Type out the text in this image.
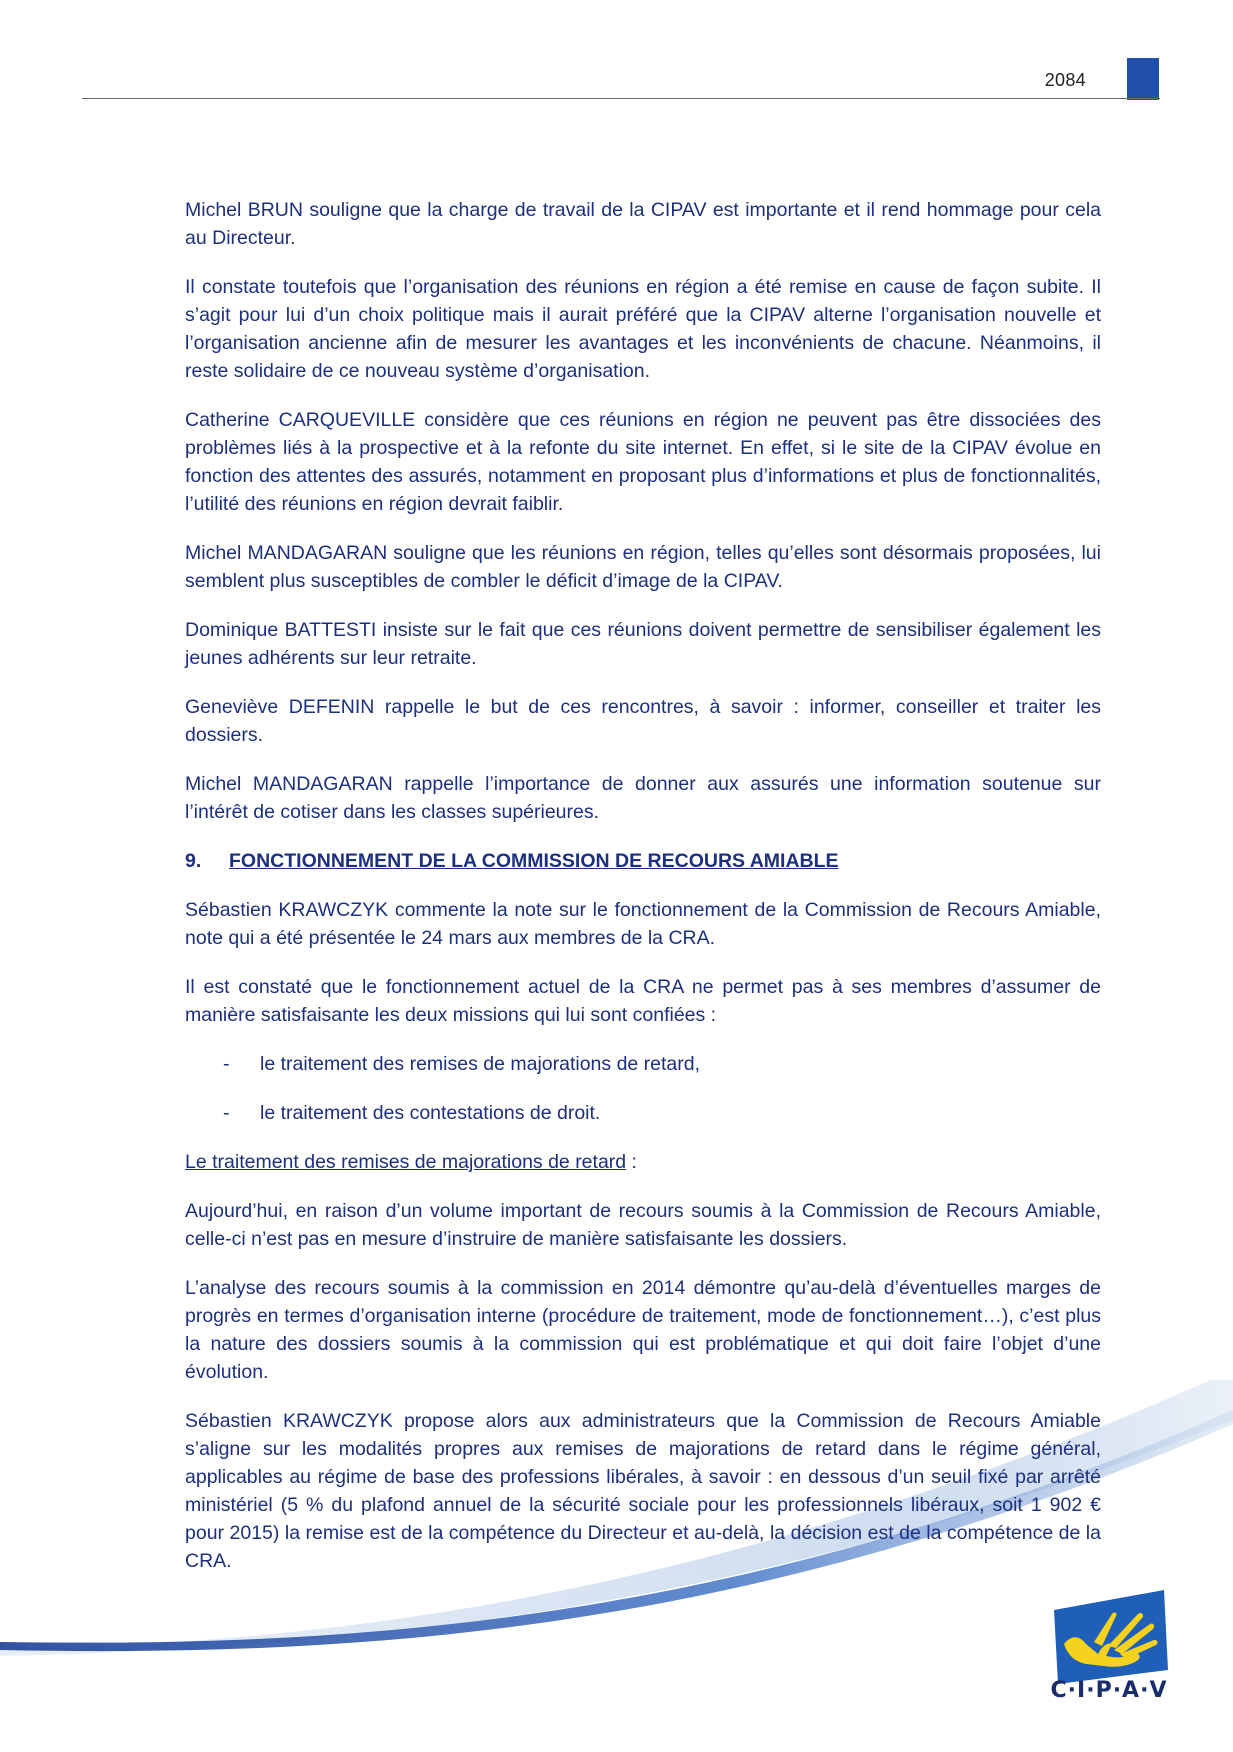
2084

Michel BRUN souligne que la charge de travail de la CIPAV est importante et il rend hommage pour cela au Directeur.

Il constate toutefois que l’organisation des réunions en région a été remise en cause de façon subite. Il s’agit pour lui d’un choix politique mais il aurait préféré que la CIPAV alterne l’organisation nouvelle et l’organisation ancienne afin de mesurer les avantages et les inconvénients de chacune. Néanmoins, il reste solidaire de ce nouveau système d’organisation.

Catherine CARQUEVILLE considère que ces réunions en région ne peuvent pas être dissociées des problèmes liés à la prospective et à la refonte du site internet. En effet, si le site de la CIPAV évolue en fonction des attentes des assurés, notamment en proposant plus d’informations et plus de fonctionnalités, l’utilité des réunions en région devrait faiblir.

Michel MANDAGARAN souligne que les réunions en région, telles qu’elles sont désormais proposées, lui semblent plus susceptibles de combler le déficit d’image de la CIPAV.

Dominique BATTESTI insiste sur le fait que ces réunions doivent permettre de sensibiliser également les jeunes adhérents sur leur retraite.

Geneviève DEFENIN rappelle le but de ces rencontres, à savoir : informer, conseiller et traiter les dossiers.

Michel MANDAGARAN rappelle l’importance de donner aux assurés une information soutenue sur l’intérêt de cotiser dans les classes supérieures.

9. FONCTIONNEMENT DE LA COMMISSION DE RECOURS AMIABLE

Sébastien KRAWCZYK commente la note sur le fonctionnement de la Commission de Recours Amiable, note qui a été présentée le 24 mars aux membres de la CRA.

Il est constaté que le fonctionnement actuel de la CRA ne permet pas à ses membres d’assumer de manière satisfaisante les deux missions qui lui sont confiées :

-	le traitement des remises de majorations de retard,
-	le traitement des contestations de droit.
Le traitement des remises de majorations de retard :

Aujourd’hui, en raison d’un volume important de recours soumis à la Commission de Recours Amiable, celle-ci n’est pas en mesure d’instruire de manière satisfaisante les dossiers.

L’analyse des recours soumis à la commission en 2014 démontre qu’au-delà d’éventuelles marges de progrès en termes d’organisation interne (procédure de traitement, mode de fonctionnement…), c’est plus la nature des dossiers soumis à la commission qui est problématique et qui doit faire l’objet d’une évolution.

Sébastien KRAWCZYK propose alors aux administrateurs que la Commission de Recours Amiable s’aligne sur les modalités propres aux remises de majorations de retard dans le régime général, applicables au régime de base des professions libérales, à savoir : en dessous d’un seuil fixé par arrêté ministériel (5 % du plafond annuel de la sécurité sociale pour les professionnels libéraux, soit 1 902 € pour 2015) la remise est de la compétence du Directeur et au-delà, la décision est de la compétence de la CRA.

C·I·P·A·V
